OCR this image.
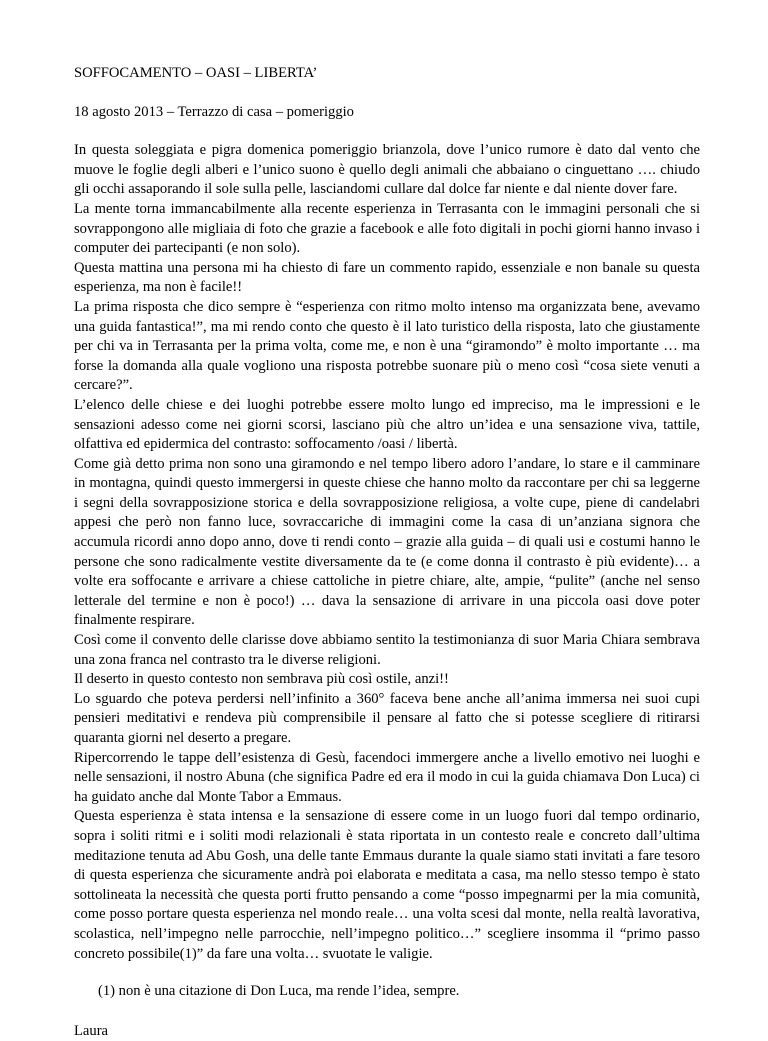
SOFFOCAMENTO – OASI – LIBERTA’
18 agosto 2013 – Terrazzo di casa – pomeriggio

In questa soleggiata e pigra domenica pomeriggio brianzola, dove l’unico rumore è dato dal vento che muove le foglie degli alberi e l’unico suono è quello degli animali che abbaiano o cinguettano …. chiudo gli occhi assaporando il sole sulla pelle, lasciandomi cullare dal dolce far niente e dal niente dover fare.

La mente torna immancabilmente alla recente esperienza in Terrasanta con le immagini personali che si sovrappongono alle migliaia di foto che grazie a facebook e alle foto digitali in pochi giorni hanno invaso i computer dei partecipanti (e non solo).

Questa mattina una persona mi ha chiesto di fare un commento rapido, essenziale e non banale su questa esperienza, ma non è facile!!

La prima risposta che dico sempre è “esperienza con ritmo molto intenso ma organizzata bene, avevamo una guida fantastica!”, ma mi rendo conto che questo è il lato turistico della risposta, lato che giustamente per chi va in Terrasanta per la prima volta, come me, e non è una “giramondo” è molto importante … ma forse la domanda alla quale vogliono una risposta potrebbe suonare più o meno così “cosa siete venuti a cercare?”.

L’elenco delle chiese e dei luoghi potrebbe essere molto lungo ed impreciso, ma le impressioni e le sensazioni adesso come nei giorni scorsi, lasciano più che altro un’idea e una sensazione viva, tattile, olfattiva ed epidermica del contrasto: soffocamento /oasi / libertà.

Come già detto prima non sono una giramondo e nel tempo libero adoro l’andare, lo stare e il camminare in montagna, quindi questo immergersi in queste chiese che hanno molto da raccontare per chi sa leggerne i segni della sovrapposizione storica e della sovrapposizione religiosa, a volte cupe, piene di candelabri appesi che però non fanno luce, sovraccariche di immagini come la casa di un’anziana signora che accumula ricordi anno dopo anno, dove ti rendi conto – grazie alla guida – di quali usi e costumi hanno le persone che sono radicalmente vestite diversamente da te (e come donna il contrasto è più evidente)… a volte era soffocante e arrivare a chiese cattoliche in pietre chiare, alte, ampie, “pulite” (anche nel senso letterale del termine e non è poco!) … dava la sensazione di arrivare in una piccola oasi dove poter finalmente respirare.

Così come il convento delle clarisse dove abbiamo sentito la testimonianza di suor Maria Chiara sembrava una zona franca nel contrasto tra le diverse religioni.

Il deserto in questo contesto non sembrava più così ostile, anzi!!

Lo sguardo che poteva perdersi nell’infinito a 360° faceva bene anche all’anima immersa nei suoi cupi pensieri meditativi e rendeva più comprensibile il pensare al fatto che si potesse scegliere di ritirarsi quaranta giorni nel deserto a pregare.

Ripercorrendo le tappe dell’esistenza di Gesù, facendoci immergere anche a livello emotivo nei luoghi e nelle sensazioni, il nostro Abuna (che significa Padre ed era il modo in cui la guida chiamava Don Luca) ci ha guidato anche dal Monte Tabor a Emmaus.

Questa esperienza è stata intensa e la sensazione di essere come in un luogo fuori dal tempo ordinario, sopra i soliti ritmi e i soliti modi relazionali è stata riportata in un contesto reale e concreto dall’ultima meditazione tenuta ad Abu Gosh, una delle tante Emmaus durante la quale siamo stati invitati a fare tesoro di questa esperienza che sicuramente andrà poi elaborata e meditata a casa, ma nello stesso tempo è stato sottolineata la necessità che questa porti frutto pensando a come “posso impegnarmi per la mia comunità, come posso portare questa esperienza nel mondo reale… una volta scesi dal monte, nella realtà lavorativa, scolastica, nell’impegno nelle parrocchie, nell’impegno politico…” scegliere insomma il “primo passo concreto possibile(1)” da fare una volta… svuotate le valigie.

(1) non è una citazione di Don Luca, ma rende l’idea, sempre.
Laura
